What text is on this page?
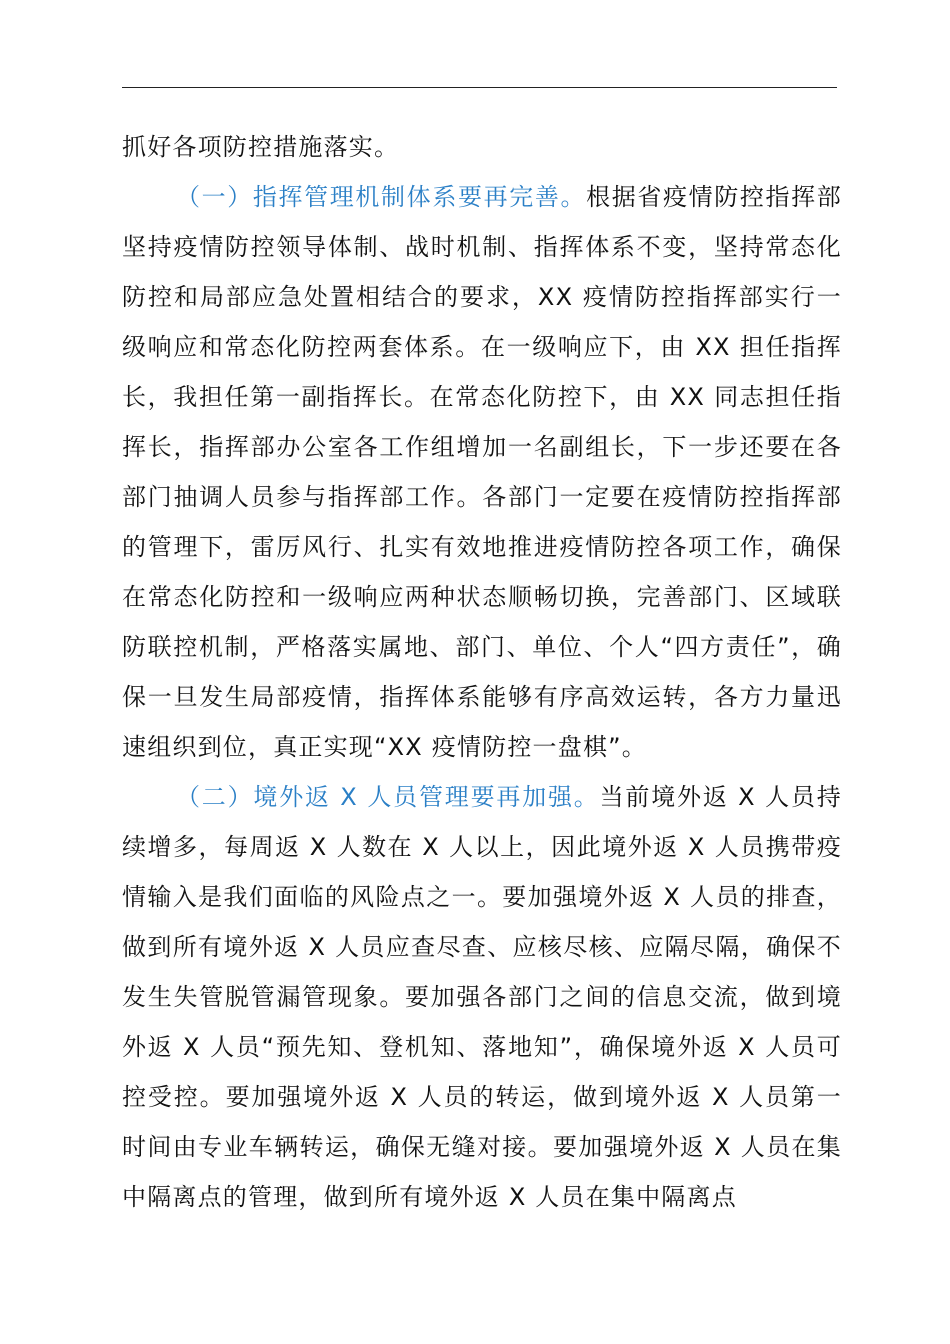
抓好各项防控措施落实。

（一）指挥管理机制体系要再完善。根据省疫情防控指挥部坚持疫情防控领导体制、战时机制、指挥体系不变，坚持常态化防控和局部应急处置相结合的要求，XX 疫情防控指挥部实行一级响应和常态化防控两套体系。在一级响应下，由 XX 担任指挥长，我担任第一副指挥长。在常态化防控下，由 XX 同志担任指挥长，指挥部办公室各工作组增加一名副组长，下一步还要在各部门抽调人员参与指挥部工作。各部门一定要在疫情防控指挥部的管理下，雷厉风行、扎实有效地推进疫情防控各项工作，确保在常态化防控和一级响应两种状态顺畅切换，完善部门、区域联防联控机制，严格落实属地、部门、单位、个人“四方责任”，确保一旦发生局部疫情，指挥体系能够有序高效运转，各方力量迅速组织到位，真正实现“XX 疫情防控一盘棋”。

（二）境外返 X 人员管理要再加强。当前境外返 X 人员持续增多，每周返 X 人数在 X 人以上，因此境外返 X 人员携带疫情输入是我们面临的风险点之一。要加强境外返 X 人员的排查，做到所有境外返 X 人员应查尽查、应核尽核、应隔尽隔，确保不发生失管脱管漏管现象。要加强各部门之间的信息交流，做到境外返 X 人员“预先知、登机知、落地知”，确保境外返 X 人员可控受控。要加强境外返 X 人员的转运，做到境外返 X 人员第一时间由专业车辆转运，确保无缝对接。要加强境外返 X 人员在集中隔离点的管理，做到所有境外返 X 人员在集中隔离点
